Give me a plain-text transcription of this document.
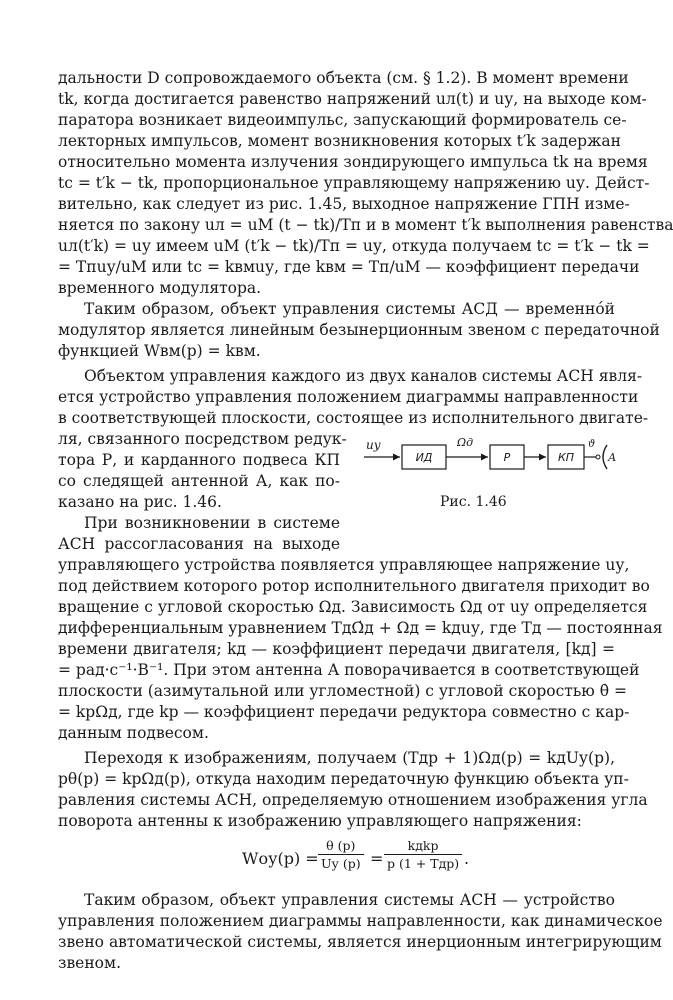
дальности D сопровождаемого объекта (см. § 1.2). В момент времени
tk, когда достигается равенство напряжений uл(t) и uу, на выходе ком-
паратора возникает видеоимпульс, запускающий формирователь се-
лекторных импульсов, момент возникновения которых t′k задержан
относительно момента излучения зондирующего импульса tk на время
tс = t′k − tk, пропорциональное управляющему напряжению uу. Дейст-
вительно, как следует из рис. 1.45, выходное напряжение ГПН изме-
няется по закону uл = uМ (t − tk)/Tп и в момент t′k выполнения равенства
uл(t′k) = uу имеем uМ (t′k − tk)/Tп = uу, откуда получаем tс = t′k − tk =
= Tпuу/uМ или tс = kвмuу, где kвм = Tп/uМ — коэффициент передачи
временного модулятора.
Таким образом, объект управления системы АСД — временно́й
модулятор является линейным безынерционным звеном с передаточной
функцией Wвм(p) = kвм.
Объектом управления каждого из двух каналов системы АСН явля-
ется устройство управления положением диаграммы направленности
в соответствующей плоскости, состоящее из исполнительного двигате-
ля, связанного посредством редук-
тора Р, и карданного подвеса КП
со следящей антенной А, как по-
казано на рис. 1.46.
При возникновении в системе
АСН рассогласования на выходе
управляющего устройства появляется управляющее напряжение uу,
под действием которого ротор исполнительного двигателя приходит во
вращение с угловой скоростью Ωд. Зависимость Ωд от uу определяется
дифференциальным уравнением TдΩ̇д + Ωд = kдuу, где Tд — постоянная
времени двигателя; kд — коэффициент передачи двигателя, [kд] =
= рад·с⁻¹·В⁻¹. При этом антенна А поворачивается в соответствующей
плоскости (азимутальной или угломестной) с угловой скоростью θ̇ =
= kрΩд, где kр — коэффициент передачи редуктора совместно с кар-
данным подвесом.
Переходя к изображениям, получаем (Tдp + 1)Ωд(p) = kдUу(p),
pθ(p) = kрΩд(p), откуда находим передаточную функцию объекта уп-
равления системы АСН, определяемую отношением изображения угла
поворота антенны к изображению управляющего напряжения:
Wоу(p) =
θ (p)
Uу (p) =
kдkр
p (1 + Tдp) .
Таким образом, объект управления системы АСН — устройство
управления положением диаграммы направленности, как динамическое
звено автоматической системы, является инерционным интегрирующим
звеном.
uу
ИД
Ωд
Р	КП
ϑ
А
Рис. 1.46
